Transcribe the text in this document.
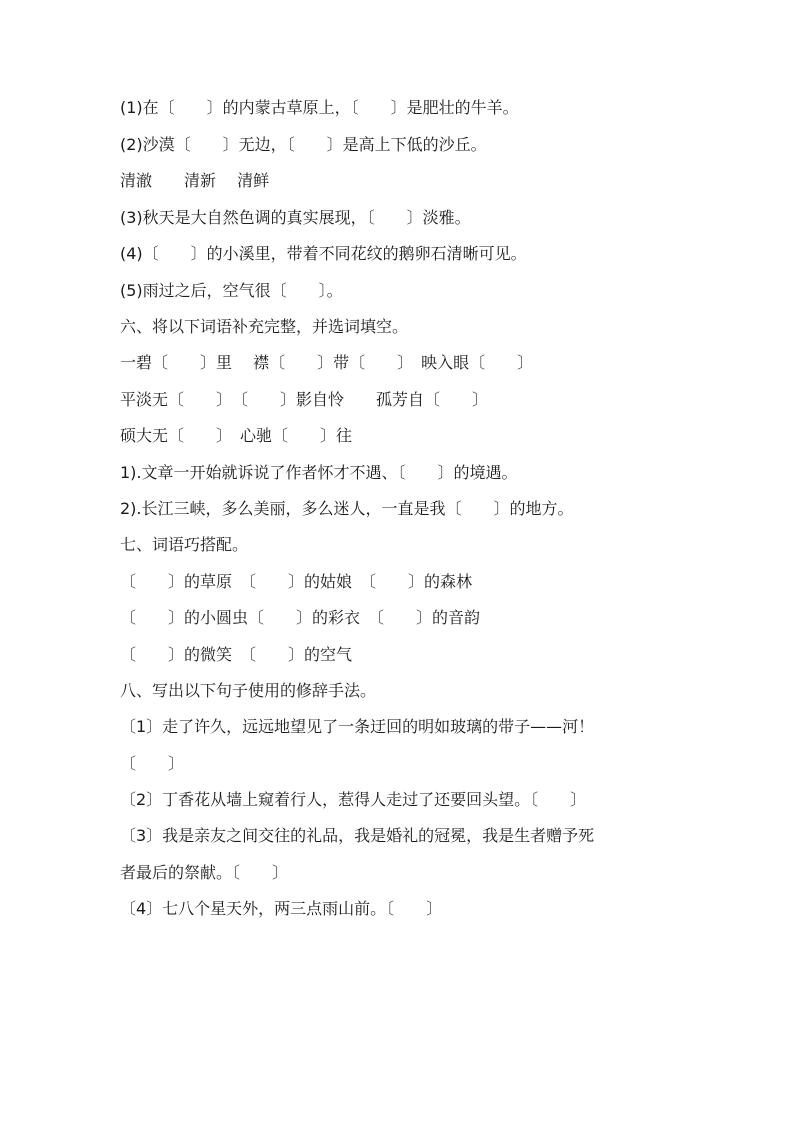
(1)在〔　　〕的内蒙古草原上，〔　　〕是肥壮的牛羊。
(2)沙漠〔　　〕无边，〔　　〕是高上下低的沙丘。
清澈　　清新　 清鲜
(3)秋天是大自然色调的真实展现，〔　　〕淡雅。
(4)〔　　〕的小溪里，带着不同花纹的鹅卵石清晰可见。
(5)雨过之后，空气很〔　　〕。
六、将以下词语补充完整，并选词填空。
一碧〔　　〕里　 襟〔　　〕带〔　　〕　映入眼〔　　〕
平淡无〔　　〕　〔　　〕影自怜　　孤芳自〔　　〕
硕大无〔　　〕　心驰〔　　〕往
1).文章一开始就诉说了作者怀才不遇、〔　　〕的境遇。
2).长江三峡，多么美丽，多么迷人，一直是我〔　　〕的地方。
七、词语巧搭配。
〔　　〕的草原　〔　　〕的姑娘　〔　　〕的森林
〔　　〕的小圆虫〔　　〕的彩衣　〔　　〕的音韵
〔　　〕的微笑　〔　　〕的空气
八、写出以下句子使用的修辞手法。
〔1〕走了许久，远远地望见了一条迂回的明如玻璃的带子——河！
〔　　〕
〔2〕丁香花从墙上窥着行人，惹得人走过了还要回头望。〔　　〕
〔3〕我是亲友之间交往的礼品，我是婚礼的冠冕，我是生者赠予死
者最后的祭献。〔　　〕
〔4〕七八个星天外，两三点雨山前。〔　　〕
